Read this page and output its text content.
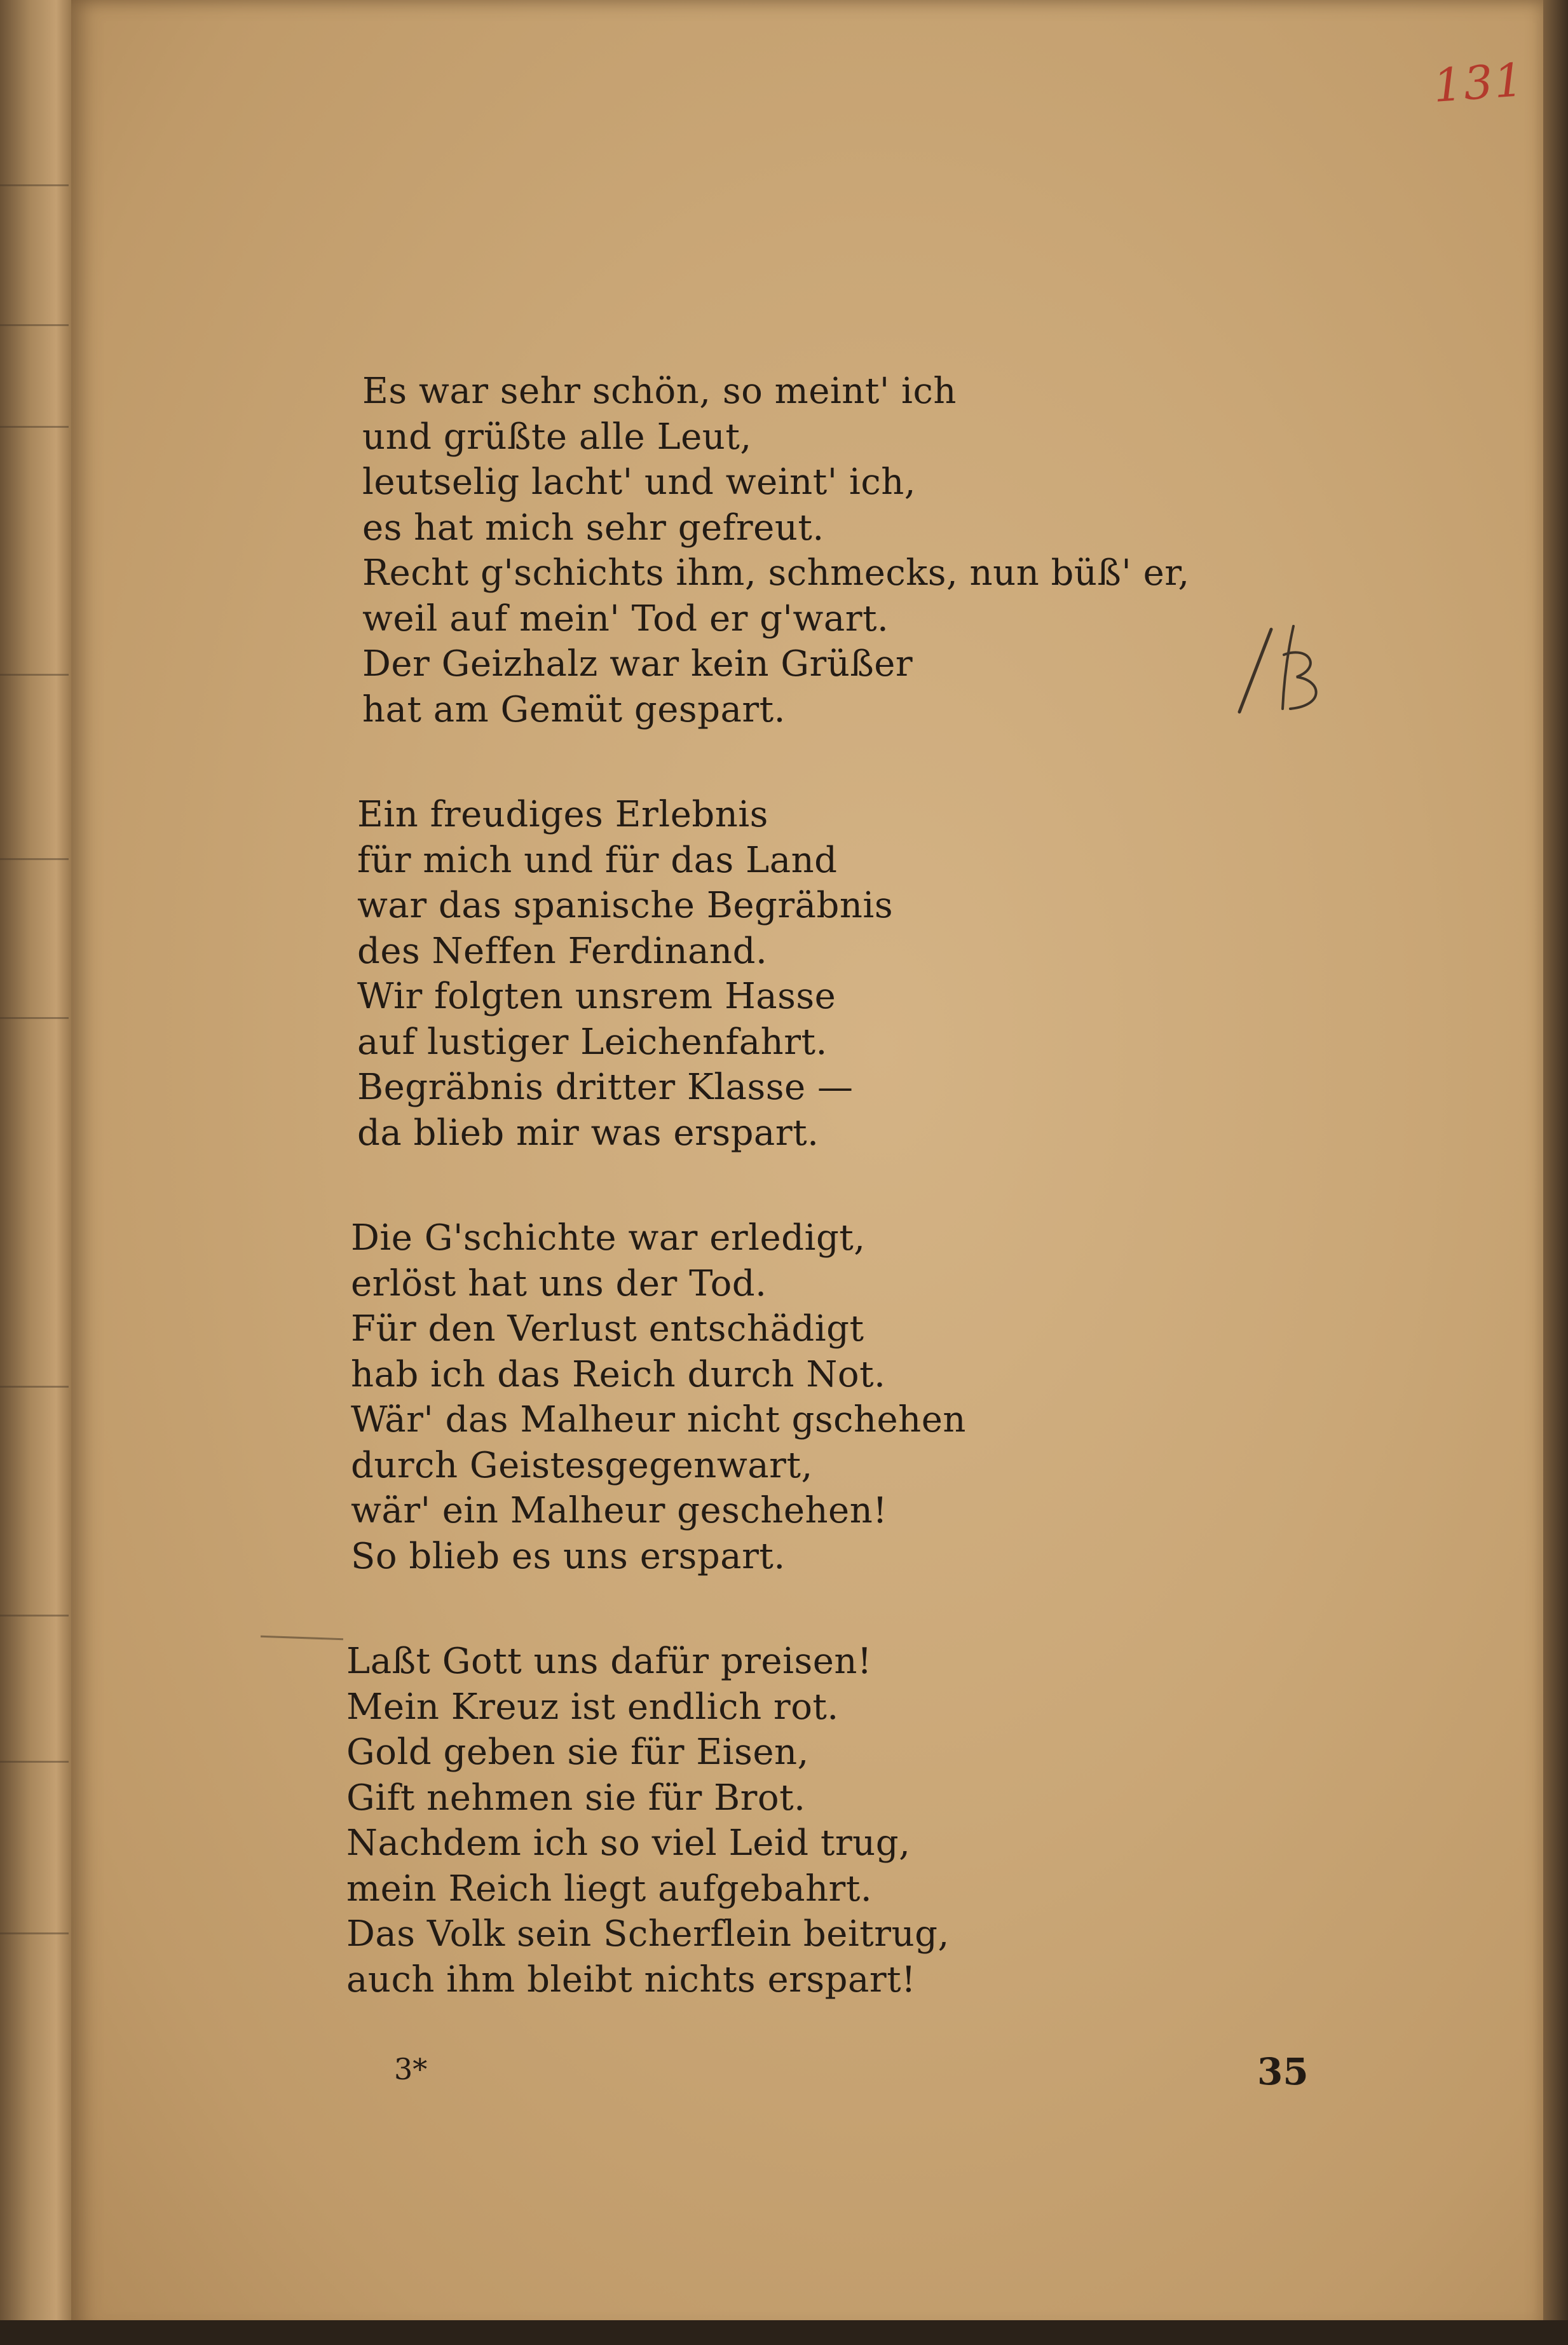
131
Es war sehr schön, so meint' ich
und grüßte alle Leut,
leutselig lacht' und weint' ich,
es hat mich sehr gefreut.
Recht g'schichts ihm, schmecks, nun büß' er,
weil auf mein' Tod er g'wart.
Der Geizhalz war kein Grüßer
hat am Gemüt gespart.
Ein freudiges Erlebnis
für mich und für das Land
war das spanische Begräbnis
des Neffen Ferdinand.
Wir folgten unsrem Hasse
auf lustiger Leichenfahrt.
Begräbnis dritter Klasse —
da blieb mir was erspart.
Die G'schichte war erledigt,
erlöst hat uns der Tod.
Für den Verlust entschädigt
hab ich das Reich durch Not.
Wär' das Malheur nicht gschehen
durch Geistesgegenwart,
wär' ein Malheur geschehen!
So blieb es uns erspart.
Laßt Gott uns dafür preisen!
Mein Kreuz ist endlich rot.
Gold geben sie für Eisen,
Gift nehmen sie für Brot.
Nachdem ich so viel Leid trug,
mein Reich liegt aufgebahrt.
Das Volk sein Scherflein beitrug,
auch ihm bleibt nichts erspart!
3*	35
